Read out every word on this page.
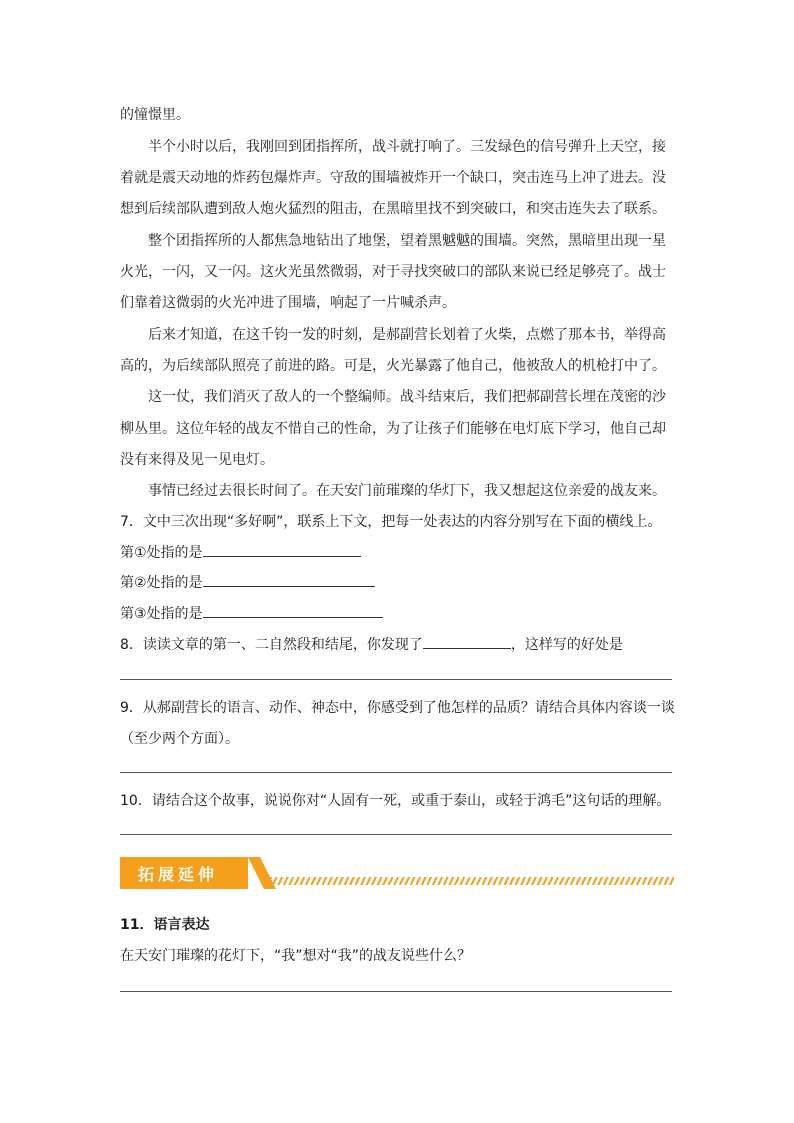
的憧憬里。
半个小时以后，我刚回到团指挥所，战斗就打响了。三发绿色的信号弹升上天空，接
着就是震天动地的炸药包爆炸声。守敌的围墙被炸开一个缺口，突击连马上冲了进去。没
想到后续部队遭到敌人炮火猛烈的阻击，在黑暗里找不到突破口，和突击连失去了联系。
整个团指挥所的人都焦急地钻出了地堡，望着黑魆魆的围墙。突然，黑暗里出现一星
火光，一闪，又一闪。这火光虽然微弱，对于寻找突破口的部队来说已经足够亮了。战士
们靠着这微弱的火光冲进了围墙，响起了一片喊杀声。
后来才知道，在这千钧一发的时刻，是郝副营长划着了火柴，点燃了那本书，举得高
高的，为后续部队照亮了前进的路。可是，火光暴露了他自己，他被敌人的机枪打中了。
这一仗，我们消灭了敌人的一个整编师。战斗结束后，我们把郝副营长埋在茂密的沙
柳丛里。这位年轻的战友不惜自己的性命，为了让孩子们能够在电灯底下学习，他自己却
没有来得及见一见电灯。
事情已经过去很长时间了。在天安门前璀璨的华灯下，我又想起这位亲爱的战友来。
7．文中三次出现“多好啊”，联系上下文，把每一处表达的内容分别写在下面的横线上。
第①处指的是
第②处指的是
第③处指的是
8．读读文章的第一、二自然段和结尾，你发现了	，这样写的好处是
9．从郝副营长的语言、动作、神态中，你感受到了他怎样的品质？请结合具体内容谈一谈
（至少两个方面）。
10．请结合这个故事，说说你对“人固有一死，或重于泰山，或轻于鸿毛”这句话的理解。
拓展延伸
11．语言表达
在天安门璀璨的花灯下，“我”想对“我”的战友说些什么？
